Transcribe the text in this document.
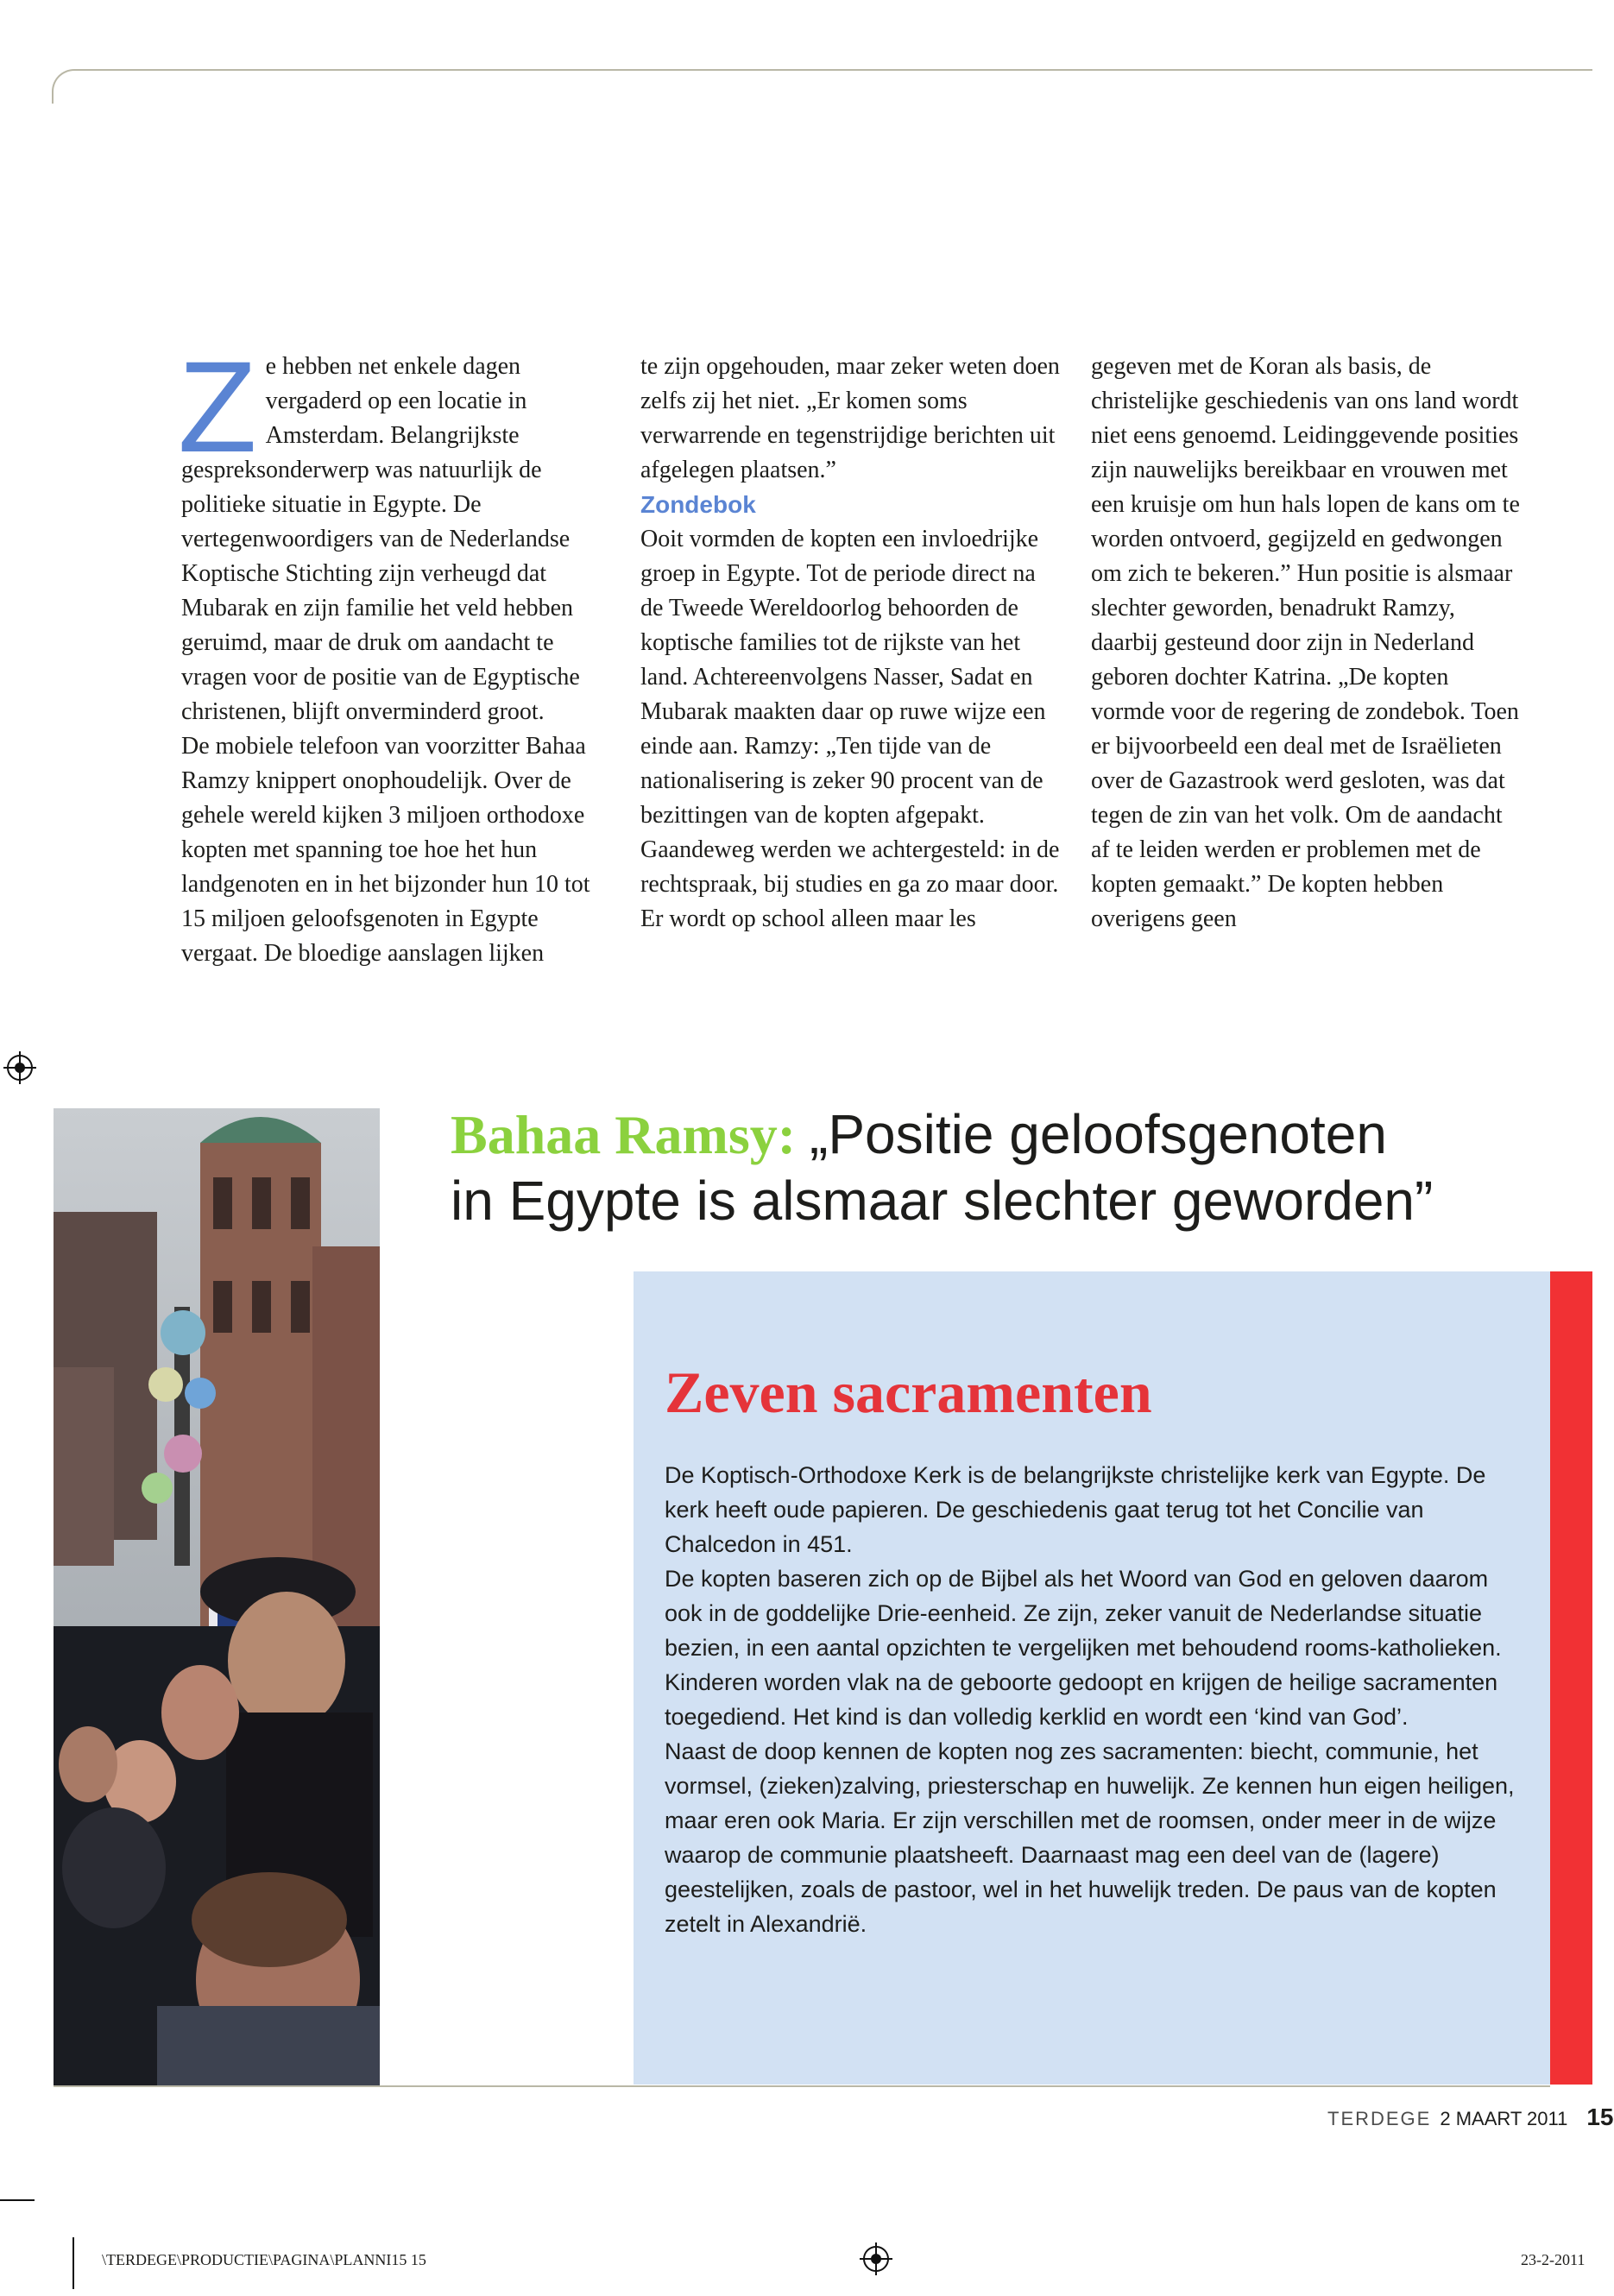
Ze hebben net enkele dagen vergaderd op een locatie in Amsterdam. Belangrijkste gespreksonderwerp was natuurlijk de politieke situatie in Egypte. De vertegenwoordigers van de Nederlandse Koptische Stichting zijn verheugd dat Mubarak en zijn familie het veld hebben geruimd, maar de druk om aandacht te vragen voor de positie van de Egyptische christenen, blijft onverminderd groot.

De mobiele telefoon van voorzitter Bahaa Ramzy knippert onophoudelijk. Over de gehele wereld kijken 3 miljoen orthodoxe kopten met spanning toe hoe het hun landgenoten en in het bijzonder hun 10 tot 15 miljoen geloofsgenoten in Egypte vergaat. De bloedige aanslagen lijken

te zijn opgehouden, maar zeker weten doen zelfs zij het niet. „Er komen soms verwarrende en tegenstrijdige berichten uit afgelegen plaatsen.”

Zondebok

Ooit vormden de kopten een invloedrijke groep in Egypte. Tot de periode direct na de Tweede Wereldoorlog behoorden de koptische families tot de rijkste van het land. Achtereenvolgens Nasser, Sadat en Mubarak maakten daar op ruwe wijze een einde aan. Ramzy: „Ten tijde van de nationalisering is zeker 90 procent van de bezittingen van de kopten afgepakt. Gaandeweg werden we achtergesteld: in de rechtspraak, bij studies en ga zo maar door. Er wordt op school alleen maar les

gegeven met de Koran als basis, de christelijke geschiedenis van ons land wordt niet eens genoemd. Leidinggevende posities zijn nauwelijks bereikbaar en vrouwen met een kruisje om hun hals lopen de kans om te worden ontvoerd, gegijzeld en gedwongen om zich te bekeren.” Hun positie is alsmaar slechter geworden, benadrukt Ramzy, daarbij gesteund door zijn in Nederland geboren dochter Katrina. „De kopten vormde voor de regering de zondebok. Toen er bijvoorbeeld een deal met de Israëlieten over de Gazastrook werd gesloten, was dat tegen de zin van het volk. Om de aandacht af te leiden werden er problemen met de kopten gemaakt.” De kopten hebben overigens geen

Bahaa Ramsy: „Positie geloofsgenoten
in Egypte is alsmaar slechter geworden”
Zeven sacramenten

De Koptisch-Orthodoxe Kerk is de belangrijkste christelijke kerk van Egypte. De kerk heeft oude papieren. De geschiedenis gaat terug tot het Concilie van Chalcedon in 451.

De kopten baseren zich op de Bijbel als het Woord van God en geloven daarom ook in de goddelijke Drie-eenheid. Ze zijn, zeker vanuit de Nederlandse situatie bezien, in een aantal opzichten te vergelijken met behoudend rooms-katholieken. Kinderen worden vlak na de geboorte gedoopt en krijgen de heilige sacramenten toegediend. Het kind is dan volledig kerklid en wordt een ‘kind van God’.

Naast de doop kennen de kopten nog zes sacramenten: biecht, communie, het vormsel, (zieken)zalving, priesterschap en huwelijk. Ze kennen hun eigen heiligen, maar eren ook Maria. Er zijn verschillen met de roomsen, onder meer in de wijze waarop de communie plaatsheeft. Daarnaast mag een deel van de (lagere) geestelijken, zoals de pastoor, wel in het huwelijk treden. De paus van de kopten zetelt in Alexandrië.

TERDEGE 2 MAART 2011 15
\TERDEGE\PRODUCTIE\PAGINA\PLANNI15 15	23-2-2011
